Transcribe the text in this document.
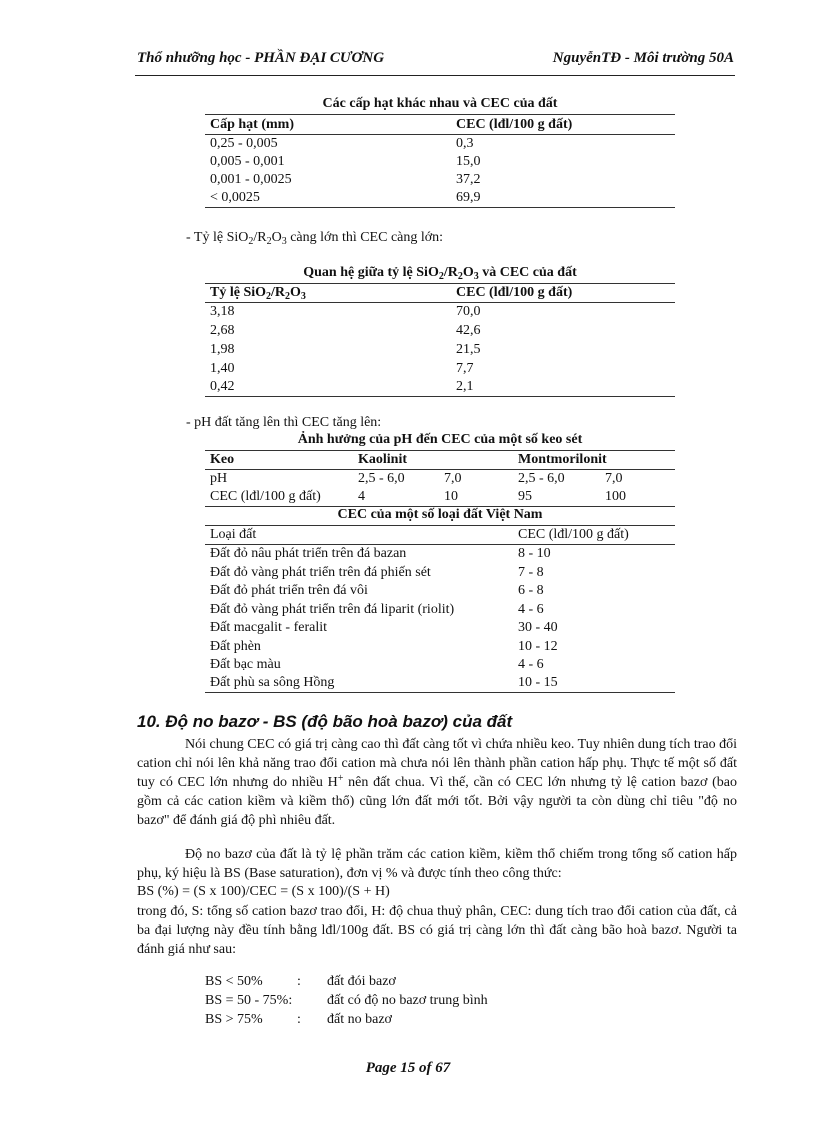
Thổ nhưỡng học - PHẦN ĐẠI CƯƠNG	NguyễnTĐ - Môi trường 50A
Các cấp hạt khác nhau và CEC của đất
Cấp hạt (mm)	CEC (lđl/100 g đất)
0,25 - 0,005	0,3
0,005 - 0,001	15,0
0,001 - 0,0025	37,2
< 0,0025	69,9
- Tỷ lệ $SiO_2/R_2O_3$ càng lớn thì CEC càng lớn:
Quan hệ giữa tỷ lệ $SiO_2/R_2O_3$ và CEC của đất
Tỷ lệ $SiO_2/R_2O_3$	CEC (lđl/100 g đất)
3,18	70,0
2,68	42,6
1,98	21,5
1,40	7,7
0,42	2,1
- pH đất tăng lên thì CEC tăng lên:
Ảnh hưởng của pH đến CEC của một số keo sét
Keo	Kaolinit	Montmorilonit
pH	2,5 - 6,0	7,0	2,5 - 6,0	7,0
CEC (lđl/100 g đất)	4	10	95	100
CEC của một số loại đất Việt Nam
Loại đất	CEC (lđl/100 g đất)
Đất đỏ nâu phát triển trên đá bazan	8 - 10
Đất đỏ vàng phát triển trên đá phiến sét	7 - 8
Đất đỏ phát triển trên đá vôi	6 - 8
Đất đỏ vàng phát triển trên đá liparit (riolit)	4 - 6
Đất macgalit - feralit	30 - 40
Đất phèn	10 - 12
Đất bạc màu	4 - 6
Đất phù sa sông Hồng	10 - 15
10. Độ no bazơ - BS (độ bão hoà bazơ) của đất
Nói chung CEC có giá trị càng cao thì đất càng tốt vì chứa nhiều keo. Tuy nhiên dung tích trao đổi cation chỉ nói lên khả năng trao đổi cation mà chưa nói lên thành phần cation hấp phụ. Thực tế một số đất tuy có CEC lớn nhưng do nhiều H+ nên đất chua. Vì thế, cần có CEC lớn nhưng tỷ lệ cation bazơ (bao gồm cả các cation kiềm và kiềm thổ) cũng lớn đất mới tốt. Bởi vậy người ta còn dùng chỉ tiêu "độ no bazơ" để đánh giá độ phì nhiêu đất.
Độ no bazơ của đất là tỷ lệ phần trăm các cation kiềm, kiềm thổ chiếm trong tổng số cation hấp phụ, ký hiệu là BS (Base saturation), đơn vị % và được tính theo công thức:
BS (%) = (S x 100)/CEC = (S x 100)/(S + H)
trong đó, S: tổng số cation bazơ trao đổi, H: độ chua thuỷ phân, CEC: dung tích trao đổi cation của đất, cả ba đại lượng này đều tính bằng lđl/100g đất. BS có giá trị càng lớn thì đất càng bão hoà bazơ. Người ta đánh giá như sau:
BS < 50% : đất đói bazơ
BS = 50 - 75%: đất có độ no bazơ trung bình
BS > 75% : đất no bazơ
Page 15 of 67
